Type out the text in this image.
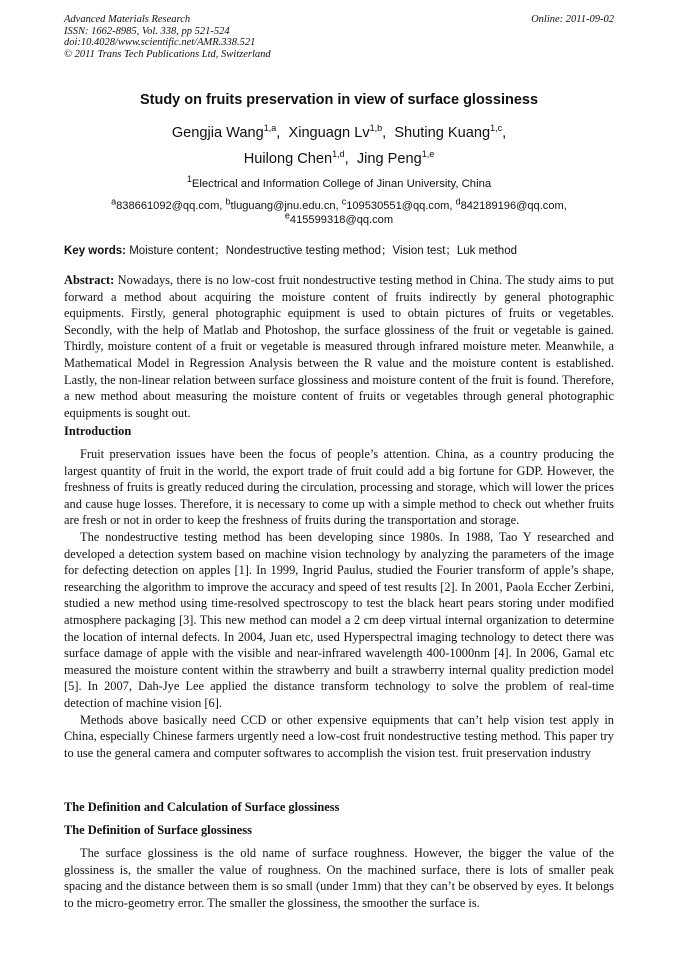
Advanced Materials Research
ISSN: 1662-8985, Vol. 338, pp 521-524
doi:10.4028/www.scientific.net/AMR.338.521
© 2011 Trans Tech Publications Ltd, Switzerland
Online: 2011-09-02
Study on fruits preservation in view of surface glossiness
Gengjia Wang$^{1,a}$,  Xinguagn Lv$^{1,b}$,  Shuting Kuang$^{1,c}$,
Huilong Chen$^{1,d}$,  Jing Peng$^{1,e}$
$^1$Electrical and Information College of Jinan University, China
$^a$838661092@qq.com, $^b$tluguang@jnu.edu.cn, $^c$109530551@qq.com, $^d$842189196@qq.com,
$^e$415599318@qq.com
Key words: Moisture content；Nondestructive testing method；Vision test；Luk method
Abstract: Nowadays, there is no low-cost fruit nondestructive testing method in China. The study aims to put forward a method about acquiring the moisture content of fruits indirectly by general photographic equipments. Firstly, general photographic equipment is used to obtain pictures of fruits or vegetables. Secondly, with the help of Matlab and Photoshop, the surface glossiness of the fruit or vegetable is gained. Thirdly, moisture content of a fruit or vegetable is measured through infrared moisture meter. Meanwhile, a Mathematical Model in Regression Analysis between the R value and the moisture content is established. Lastly, the non-linear relation between surface glossiness and moisture content of the fruit is found. Therefore, a new method about measuring the moisture content of fruits or vegetables through general photographic equipments is sought out.
Introduction

Fruit preservation issues have been the focus of people’s attention. China, as a country producing the largest quantity of fruit in the world, the export trade of fruit could add a big fortune for GDP. However, the freshness of fruits is greatly reduced during the circulation, processing and storage, which will lower the prices and cause huge losses. Therefore, it is necessary to come up with a simple method to check out whether fruits are fresh or not in order to keep the freshness of fruits during the transportation and storage.

The nondestructive testing method has been developing since 1980s. In 1988, Tao Y researched and developed a detection system based on machine vision technology by analyzing the parameters of the image for defecting detection on apples [1]. In 1999, Ingrid Paulus, studied the Fourier transform of apple’s shape, researching the algorithm to improve the accuracy and speed of test results [2]. In 2001, Paola Eccher Zerbini, studied a new method using time-resolved spectroscopy to test the black heart pears storing under modified atmosphere packaging [3]. This new method can model a 2 cm deep virtual internal organization to determine the location of internal defects. In 2004, Juan etc, used Hyperspectral imaging technology to detect there was surface damage of apple with the visible and near-infrared wavelength 400-1000nm [4]. In 2006, Gamal etc measured the moisture content within the strawberry and built a strawberry internal quality prediction model [5]. In 2007, Dah-Jye Lee applied the distance transform technology to solve the problem of real-time detection of machine vision [6].

Methods above basically need CCD or other expensive equipments that can’t help vision test apply in China, especially Chinese farmers urgently need a low-cost fruit nondestructive testing method. This paper try to use the general camera and computer softwares to accomplish the vision test. fruit preservation industry

The Definition and Calculation of Surface glossiness
The Definition of Surface glossiness

The surface glossiness is the old name of surface roughness. However, the bigger the value of the glossiness is, the smaller the value of roughness. On the machined surface, there is lots of smaller peak spacing and the distance between them is so small (under 1mm) that they can’t be observed by eyes. It belongs to the micro-geometry error. The smaller the glossiness, the smoother the surface is.
